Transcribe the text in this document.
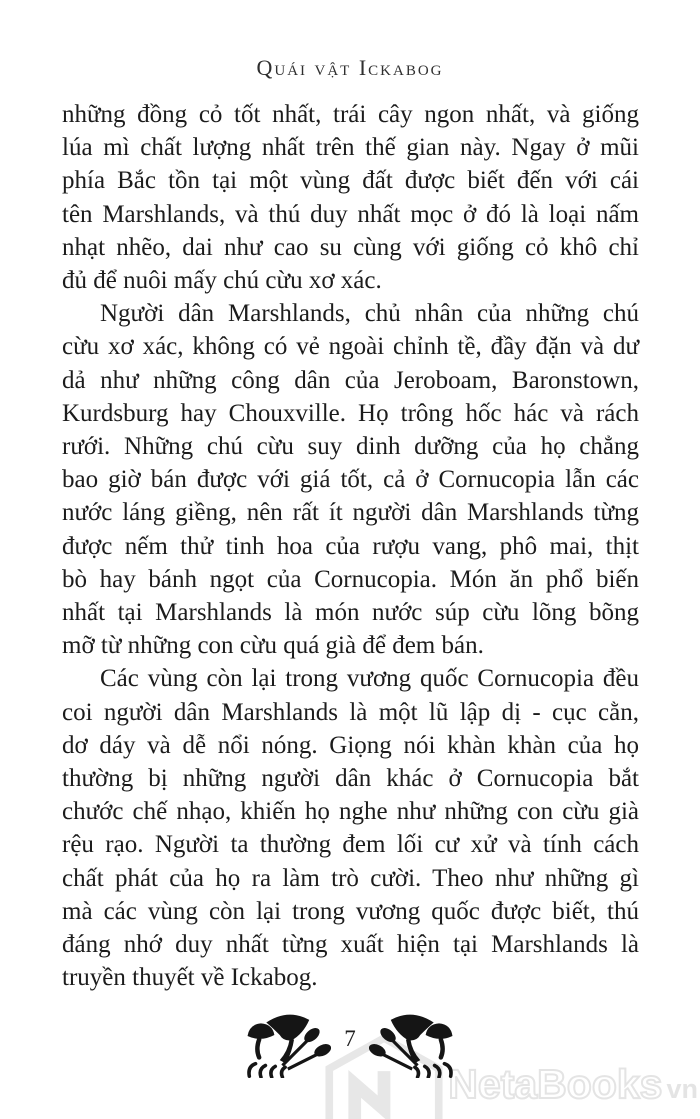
Quái vật Ickabog

những đồng cỏ tốt nhất, trái cây ngon nhất, và giống
lúa mì chất lượng nhất trên thế gian này. Ngay ở mũi
phía Bắc tồn tại một vùng đất được biết đến với cái
tên Marshlands, và thú duy nhất mọc ở đó là loại nấm
nhạt nhẽo, dai như cao su cùng với giống cỏ khô chỉ
đủ để nuôi mấy chú cừu xơ xác.

Người dân Marshlands, chủ nhân của những chú
cừu xơ xác, không có vẻ ngoài chỉnh tề, đầy đặn và dư
dả như những công dân của Jeroboam, Baronstown,
Kurdsburg hay Chouxville. Họ trông hốc hác và rách
rưới. Những chú cừu suy dinh dưỡng của họ chẳng
bao giờ bán được với giá tốt, cả ở Cornucopia lẫn các
nước láng giềng, nên rất ít người dân Marshlands từng
được nếm thử tinh hoa của rượu vang, phô mai, thịt
bò hay bánh ngọt của Cornucopia. Món ăn phổ biến
nhất tại Marshlands là món nước súp cừu lõng bõng
mỡ từ những con cừu quá già để đem bán.

Các vùng còn lại trong vương quốc Cornucopia đều
coi người dân Marshlands là một lũ lập dị - cục cằn,
dơ dáy và dễ nổi nóng. Giọng nói khàn khàn của họ
thường bị những người dân khác ở Cornucopia bắt
chước chế nhạo, khiến họ nghe như những con cừu già
rệu rạo. Người ta thường đem lối cư xử và tính cách
chất phát của họ ra làm trò cười. Theo như những gì
mà các vùng còn lại trong vương quốc được biết, thú
đáng nhớ duy nhất từng xuất hiện tại Marshlands là
truyền thuyết về Ickabog.

7
NetaBooks vn
